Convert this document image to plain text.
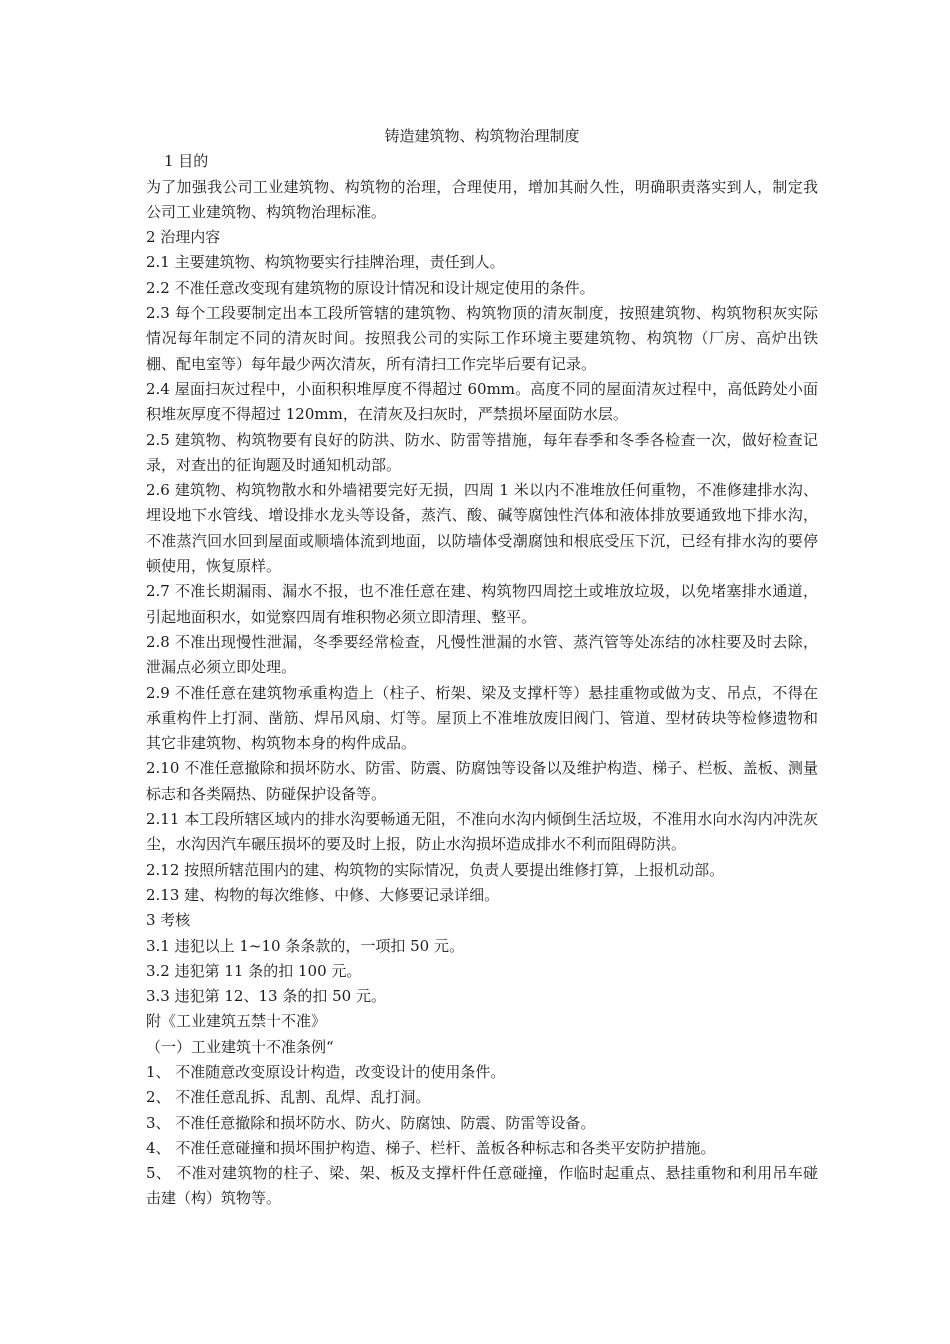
铸造建筑物、构筑物治理制度

1 目的

为了加强我公司工业建筑物、构筑物的治理，合理使用，增加其耐久性，明确职责落实到人，制定我公司工业建筑物、构筑物治理标准。

2 治理内容

2.1 主要建筑物、构筑物要实行挂牌治理，责任到人。

2.2 不准任意改变现有建筑物的原设计情况和设计规定使用的条件。

2.3 每个工段要制定出本工段所管辖的建筑物、构筑物顶的清灰制度，按照建筑物、构筑物积灰实际情况每年制定不同的清灰时间。按照我公司的实际工作环境主要建筑物、构筑物（厂房、高炉出铁棚、配电室等）每年最少两次清灰，所有清扫工作完毕后要有记录。

2.4 屋面扫灰过程中，小面积积堆厚度不得超过 60mm。高度不同的屋面清灰过程中，高低跨处小面积堆灰厚度不得超过 120mm，在清灰及扫灰时，严禁损坏屋面防水层。

2.5 建筑物、构筑物要有良好的防洪、防水、防雷等措施，每年春季和冬季各检查一次，做好检查记录，对查出的征询题及时通知机动部。

2.6 建筑物、构筑物散水和外墙裙要完好无损，四周 1 米以内不准堆放任何重物，不准修建排水沟、埋设地下水管线、增设排水龙头等设备，蒸汽、酸、碱等腐蚀性汽体和液体排放要通致地下排水沟，不准蒸汽回水回到屋面或顺墙体流到地面，以防墙体受潮腐蚀和根底受压下沉，已经有排水沟的要停顿使用，恢复原样。

2.7 不准长期漏雨、漏水不报，也不准任意在建、构筑物四周挖土或堆放垃圾，以免堵塞排水通道，引起地面积水，如觉察四周有堆积物必须立即清理、整平。

2.8 不准出现慢性泄漏，冬季要经常检查，凡慢性泄漏的水管、蒸汽管等处冻结的冰柱要及时去除，泄漏点必须立即处理。

2.9 不准任意在建筑物承重构造上（柱子、桁架、梁及支撑杆等）悬挂重物或做为支、吊点，不得在承重构件上打洞、凿筋、焊吊风扇、灯等。屋顶上不准堆放废旧阀门、管道、型材砖块等检修遗物和其它非建筑物、构筑物本身的构件成品。

2.10 不准任意撤除和损坏防水、防雷、防震、防腐蚀等设备以及维护构造、梯子、栏板、盖板、测量标志和各类隔热、防碰保护设备等。

2.11 本工段所辖区域内的排水沟要畅通无阻，不准向水沟内倾倒生活垃圾，不准用水向水沟内冲洗灰尘，水沟因汽车碾压损坏的要及时上报，防止水沟损坏造成排水不利而阻碍防洪。

2.12 按照所辖范围内的建、构筑物的实际情况，负责人要提出维修打算，上报机动部。

2.13 建、构物的每次维修、中修、大修要记录详细。

3 考核

3.1 违犯以上 1~10 条条款的，一项扣 50 元。

3.2 违犯第 11 条的扣 100 元。

3.3 违犯第 12、13 条的扣 50 元。

附《工业建筑五禁十不准》

（一）工业建筑十不准条例“

1、 不准随意改变原设计构造，改变设计的使用条件。

2、 不准任意乱拆、乱割、乱焊、乱打洞。

3、 不准任意撤除和损坏防水、防火、防腐蚀、防震、防雷等设备。

4、 不准任意碰撞和损坏围护构造、梯子、栏杆、盖板各种标志和各类平安防护措施。

5、 不准对建筑物的柱子、梁、架、板及支撑杆件任意碰撞，作临时起重点、悬挂重物和利用吊车碰击建（构）筑物等。
